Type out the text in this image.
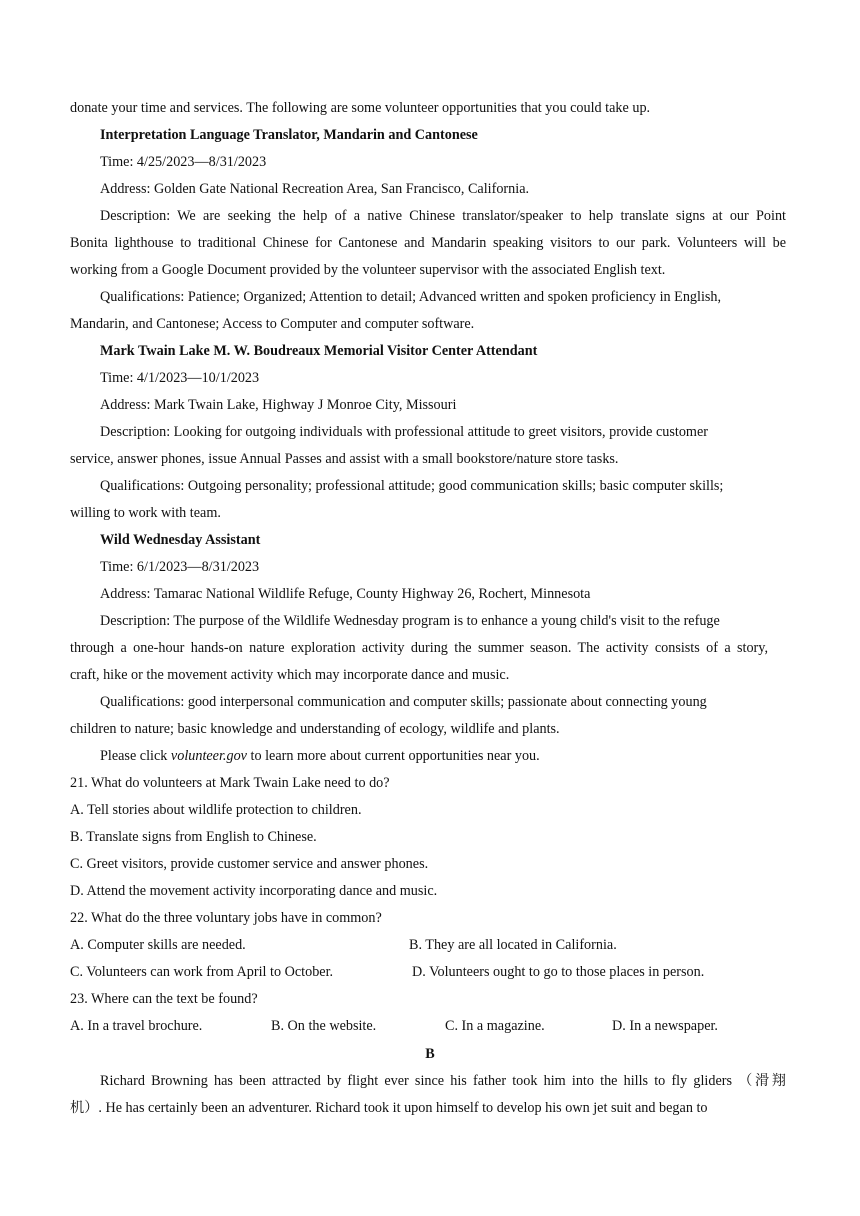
donate your time and services. The following are some volunteer opportunities that you could take up.
Interpretation Language Translator, Mandarin and Cantonese
Time: 4/25/2023—8/31/2023
Address: Golden Gate National Recreation Area, San Francisco, California.
Description: We are seeking the help of a native Chinese translator/speaker to help translate signs at our Point
Bonita lighthouse to traditional Chinese for Cantonese and Mandarin speaking visitors to our park. Volunteers will be
working from a Google Document provided by the volunteer supervisor with the associated English text.
Qualifications: Patience; Organized; Attention to detail; Advanced written and spoken proficiency in English,
Mandarin, and Cantonese; Access to Computer and computer software.
Mark Twain Lake M. W. Boudreaux Memorial Visitor Center Attendant
Time: 4/1/2023—10/1/2023
Address: Mark Twain Lake, Highway J Monroe City, Missouri
Description: Looking for outgoing individuals with professional attitude to greet visitors, provide customer
service, answer phones, issue Annual Passes and assist with a small bookstore/nature store tasks.
Qualifications: Outgoing personality; professional attitude; good communication skills; basic computer skills;
willing to work with team.
Wild Wednesday Assistant
Time: 6/1/2023—8/31/2023
Address: Tamarac National Wildlife Refuge, County Highway 26, Rochert, Minnesota
Description: The purpose of the Wildlife Wednesday program is to enhance a young child's visit to the refuge
through a one-hour hands-on nature exploration activity during the summer season. The activity consists of a story,
craft, hike or the movement activity which may incorporate dance and music.
Qualifications: good interpersonal communication and computer skills; passionate about connecting young
children to nature; basic knowledge and understanding of ecology, wildlife and plants.
Please click volunteer.gov to learn more about current opportunities near you.
21. What do volunteers at Mark Twain Lake need to do?
A. Tell stories about wildlife protection to children.
B. Translate signs from English to Chinese.
C. Greet visitors, provide customer service and answer phones.
D. Attend the movement activity incorporating dance and music.
22. What do the three voluntary jobs have in common?
A. Computer skills are needed.	B. They are all located in California.
C. Volunteers can work from April to October.	D. Volunteers ought to go to those places in person.
23. Where can the text be found?
A. In a travel brochure.	B. On the website.	C. In a magazine.	D. In a newspaper.
B
Richard Browning has been attracted by flight ever since his father took him into the hills to fly gliders （滑翔
机）. He has certainly been an adventurer. Richard took it upon himself to develop his own jet suit and began to
